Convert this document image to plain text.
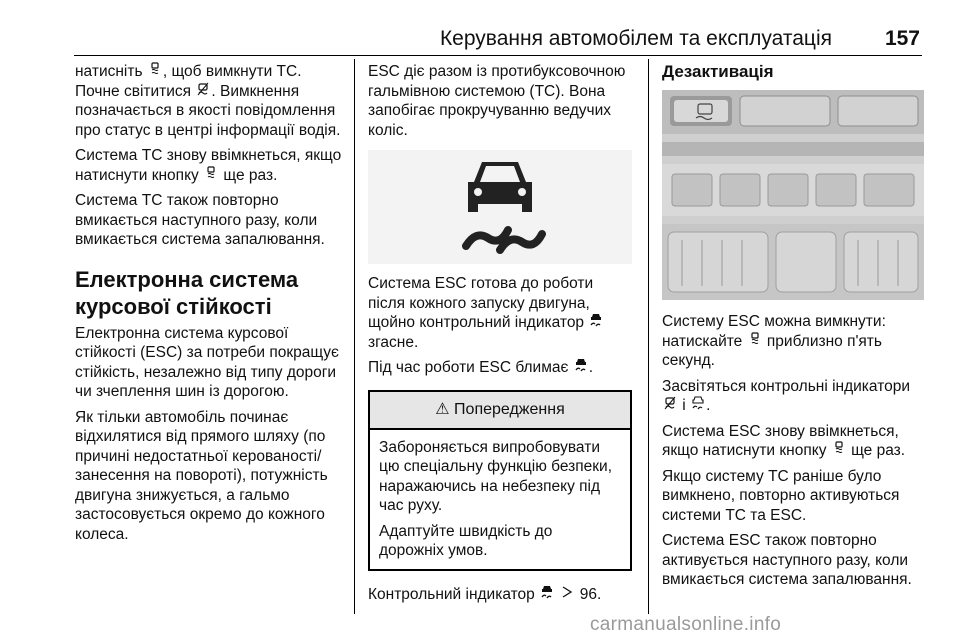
Керування автомобілем та експлуатація	157

натисніть , щоб вимкнути TC. Почне світитися . Вимкнення позначається в якості повідомлення про статус в центрі інформації водія.

Система TC знову ввімкнеться, якщо натиснути кнопку  ще раз.

Система TC також повторно вмикається наступного разу, коли вмикається система запалювання.

Електронна система курсової стійкості

Електронна система курсової стійкості (ESC) за потреби покращує стійкість, незалежно від типу дороги чи зчеплення шин із дорогою.

Як тільки автомобіль починає відхилятися від прямого шляху (по причині недостатньої керованості/ занесення на повороті), потужність двигуна знижується, а гальмо застосовується окремо до кожного колеса.

ESC діє разом із протибуксовочною гальмівною системою (TC). Вона запобігає прокручуванню ведучих коліс.

Система ESC готова до роботи після кожного запуску двигуна, щойно контрольний індикатор  згасне.

Під час роботи ESC блимає .

⚠ Попередження

Забороняється випробовувати цю спеціальну функцію безпеки, наражаючись на небезпеку під час руху.

Адаптуйте швидкість до дорожніх умов.

Контрольний індикатор   96.

Дезактивація

Систему ESC можна вимкнути: натискайте  приблизно п'ять секунд.

Засвітяться контрольні індикатори  і .

Система ESC знову ввімкнеться, якщо натиснути кнопку  ще раз.

Якщо систему TC раніше було вимкнено, повторно активуються системи TC та ESC.

Система ESC також повторно активується наступного разу, коли вмикається система запалювання.

carmanualsonline.info
